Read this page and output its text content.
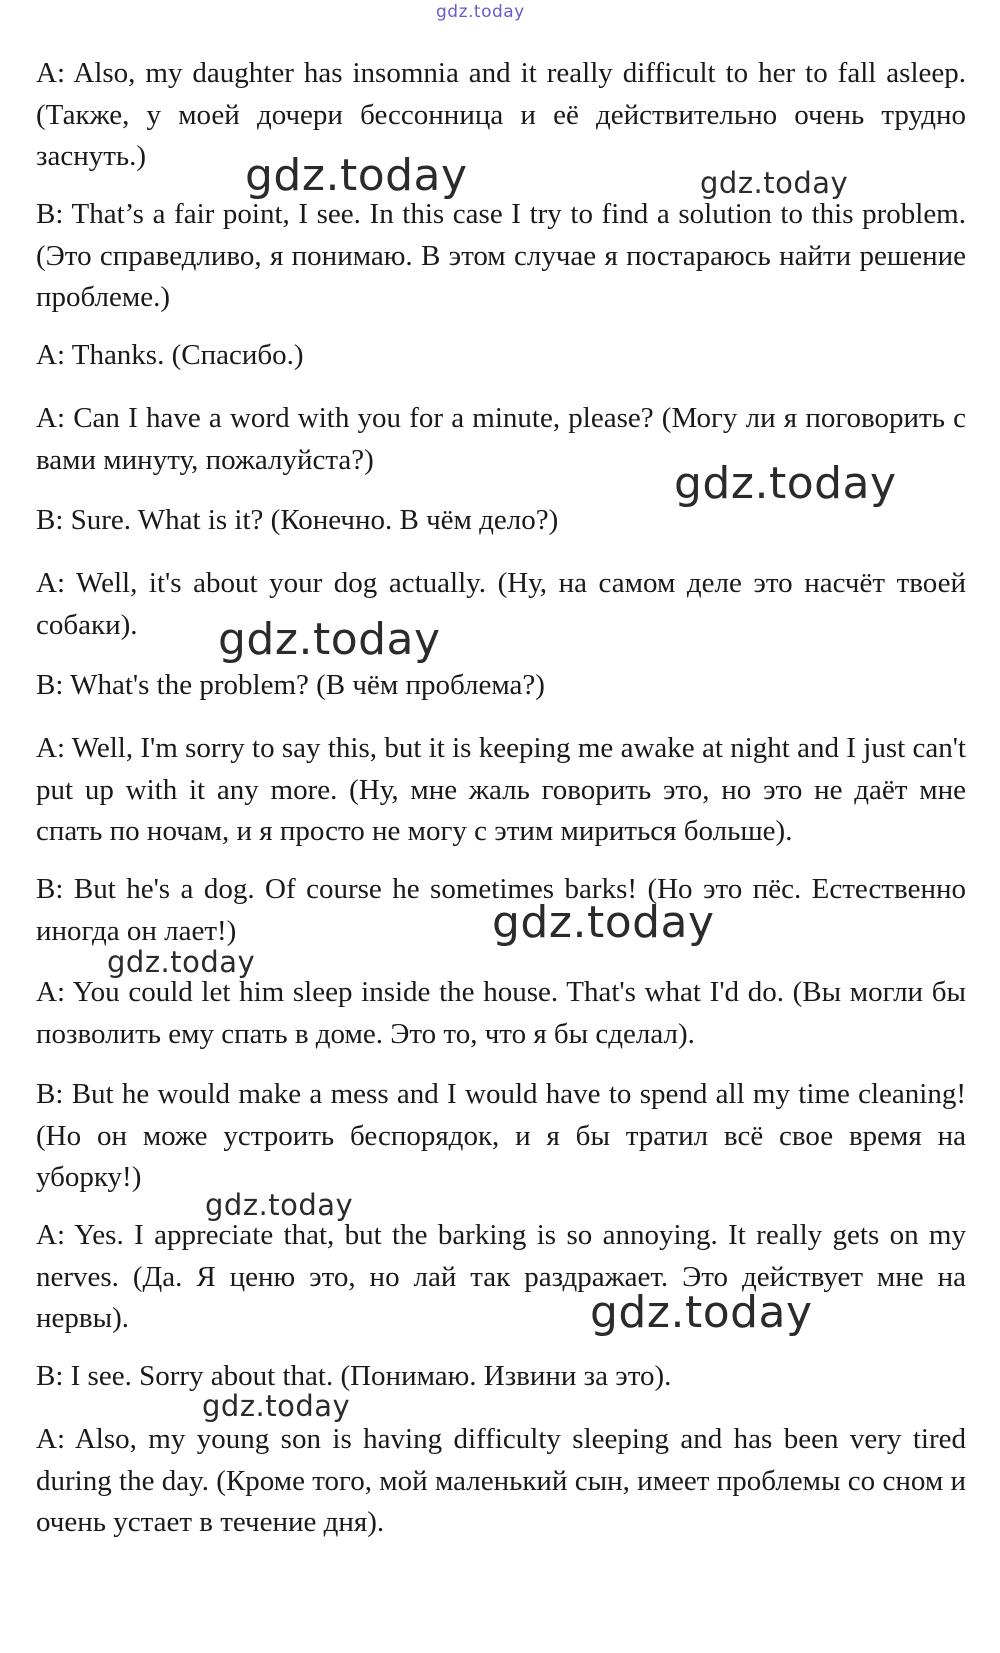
gdz.today

A: Also, my daughter has insomnia and it really difficult to her to fall asleep. (Также, у моей дочери бессонница и её действительно очень трудно заснуть.)

B: That’s a fair point, I see. In this case I try to find a solution to this problem. (Это справедливо, я понимаю. В этом случае я постараюсь найти решение проблеме.)

A: Thanks. (Спасибо.)

A: Can I have a word with you for a minute, please? (Могу ли я поговорить с вами минуту, пожалуйста?)

B: Sure. What is it? (Конечно. В чём дело?)

A: Well, it's about your dog actually. (Ну, на самом деле это насчёт твоей собаки).

B: What's the problem? (В чём проблема?)

A: Well, I'm sorry to say this, but it is keeping me awake at night and I just can't put up with it any more. (Ну, мне жаль говорить это, но это не даёт мне спать по ночам, и я просто не могу с этим мириться больше).

B: But he's a dog. Of course he sometimes barks! (Но это пёс. Естественно иногда он лает!)

A: You could let him sleep inside the house. That's what I'd do. (Вы могли бы позволить ему спать в доме. Это то, что я бы сделал).

B: But he would make a mess and I would have to spend all my time cleaning! (Но он може устроить беспорядок, и я бы тратил всё свое время на уборку!)

A: Yes. I appreciate that, but the barking is so annoying. It really gets on my nerves. (Да. Я ценю это, но лай так раздражает. Это действует мне на нервы).

B: I see. Sorry about that. (Понимаю. Извини за это).

A: Also, my young son is having difficulty sleeping and has been very tired during the day. (Кроме того, мой маленький сын, имеет проблемы со сном и очень устает в течение дня).

gdz.today	gdz.today
gdz.today
gdz.today
gdz.today
gdz.today
gdz.today
gdz.today
gdz.today
